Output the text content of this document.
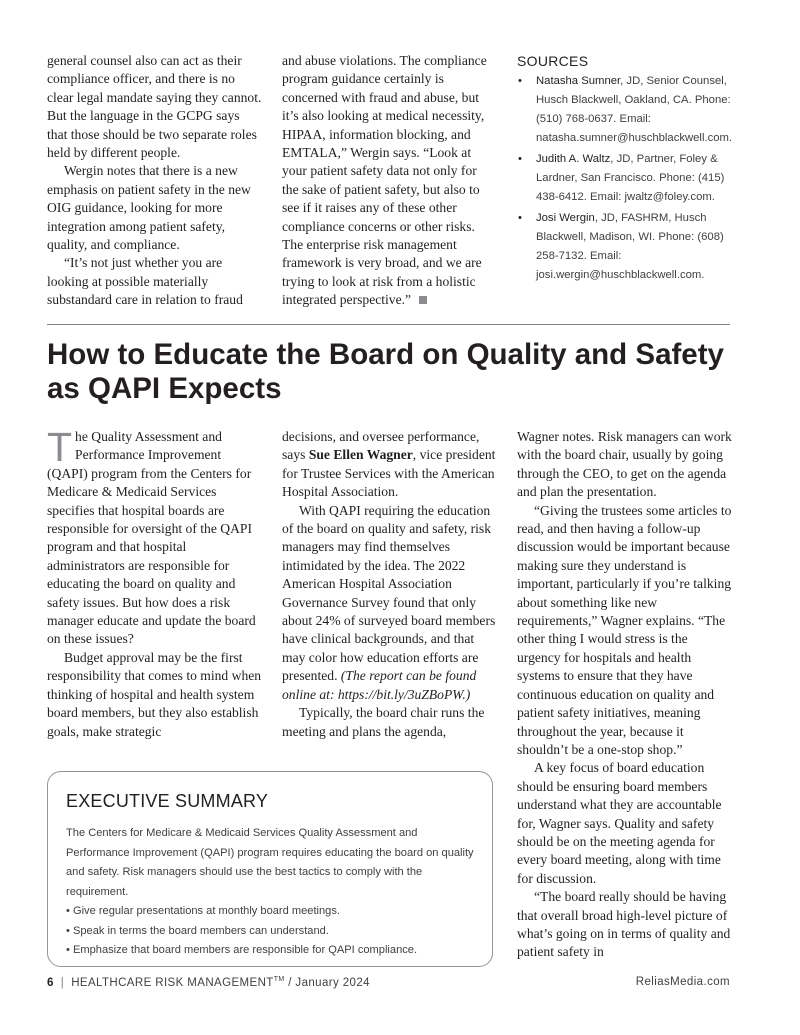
general counsel also can act as their compliance officer, and there is no clear legal mandate saying they cannot. But the language in the GCPG says that those should be two separate roles held by different people.

Wergin notes that there is a new emphasis on patient safety in the new OIG guidance, looking for more integration among patient safety, quality, and compliance.

“It’s not just whether you are looking at possible materially substandard care in relation to fraud

and abuse violations. The compliance program guidance certainly is concerned with fraud and abuse, but it’s also looking at medical necessity, HIPAA, information blocking, and EMTALA,” Wergin says. “Look at your patient safety data not only for the sake of patient safety, but also to see if it raises any of these other compliance concerns or other risks. The enterprise risk management framework is very broad, and we are trying to look at risk from a holistic integrated perspective.”

SOURCES
• Natasha Sumner, JD, Senior Counsel, Husch Blackwell, Oakland, CA. Phone: (510) 768-0637. Email: natasha.sumner@huschblackwell.com.
• Judith A. Waltz, JD, Partner, Foley & Lardner, San Francisco. Phone: (415) 438-6412. Email: jwaltz@foley.com.
• Josi Wergin, JD, FASHRM, Husch Blackwell, Madison, WI. Phone: (608) 258-7132. Email: josi.wergin@huschblackwell.com.
How to Educate the Board on Quality and Safety as QAPI Expects

The Quality Assessment and Performance Improvement (QAPI) program from the Centers for Medicare & Medicaid Services specifies that hospital boards are responsible for oversight of the QAPI program and that hospital administrators are responsible for educating the board on quality and safety issues. But how does a risk manager educate and update the board on these issues?

Budget approval may be the first responsibility that comes to mind when thinking of hospital and health system board members, but they also establish goals, make strategic

decisions, and oversee performance, says Sue Ellen Wagner, vice president for Trustee Services with the American Hospital Association.

With QAPI requiring the education of the board on quality and safety, risk managers may find themselves intimidated by the idea. The 2022 American Hospital Association Governance Survey found that only about 24% of surveyed board members have clinical backgrounds, and that may color how education efforts are presented. (The report can be found online at: https://bit.ly/3uZBoPW.)

Typically, the board chair runs the meeting and plans the agenda,

Wagner notes. Risk managers can work with the board chair, usually by going through the CEO, to get on the agenda and plan the presentation.

“Giving the trustees some articles to read, and then having a follow-up discussion would be important because making sure they understand is important, particularly if you’re talking about something like new requirements,” Wagner explains. “The other thing I would stress is the urgency for hospitals and health systems to ensure that they have continuous education on quality and patient safety initiatives, meaning throughout the year, because it shouldn’t be a one-stop shop.”

A key focus of board education should be ensuring board members understand what they are accountable for, Wagner says. Quality and safety should be on the meeting agenda for every board meeting, along with time for discussion.

“The board really should be having that overall broad high-level picture of what’s going on in terms of quality and patient safety in

EXECUTIVE SUMMARY

The Centers for Medicare & Medicaid Services Quality Assessment and Performance Improvement (QAPI) program requires educating the board on quality and safety. Risk managers should use the best tactics to comply with the requirement.

• Give regular presentations at monthly board meetings.
• Speak in terms the board members can understand.
• Emphasize that board members are responsible for QAPI compliance.
6 | HEALTHCARE RISK MANAGEMENT™ / January 2024	ReliasMedia.com
